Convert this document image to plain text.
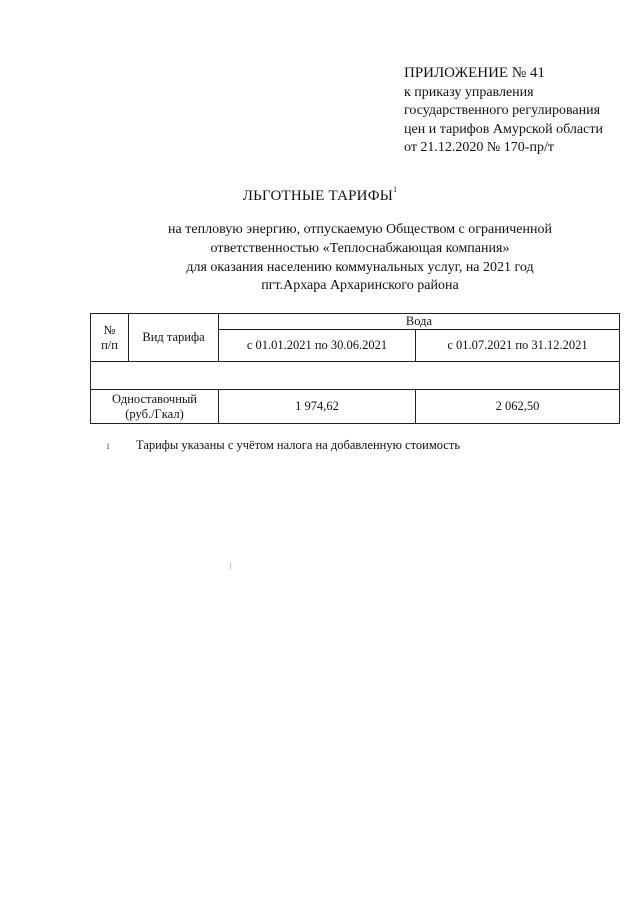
ПРИЛОЖЕНИЕ № 41
к приказу управления
государственного регулирования
цен и тарифов Амурской области
от 21.12.2020 № 170-пр/т
ЛЬГОТНЫЕ ТАРИФЫ$^1$
на тепловую энергию, отпускаемую Обществом с ограниченной
ответственностью «Теплоснабжающая компания»
для оказания населению коммунальных услуг, на 2021 год
пгт.Архара Архаринского района
№ п/п	Вид тарифа	Вода	
		с 01.01.2021 по 30.06.2021	с 01.07.2021 по 31.12.2021

Одноставочный (руб./Гкал)		1 974,62	2 062,50
1 Тарифы указаны с учётом налога на добавленную стоимость
